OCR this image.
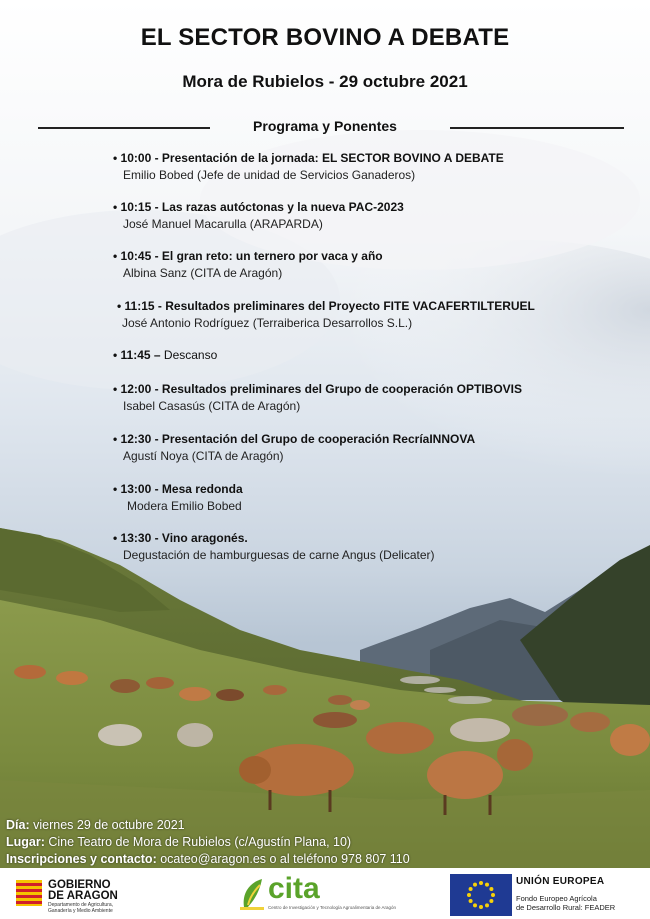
EL SECTOR BOVINO A DEBATE
Mora de Rubielos - 29 octubre 2021
Programa y Ponentes
• 10:00 - Presentación de la jornada: EL SECTOR BOVINO A DEBATE
Emilio Bobed (Jefe de unidad de Servicios Ganaderos)
• 10:15 - Las razas autóctonas y la nueva PAC-2023
José Manuel Macarulla (ARAPARDA)
• 10:45 - El gran reto: un ternero por vaca y año
Albina Sanz (CITA de Aragón)
• 11:15 - Resultados preliminares del Proyecto FITE VACAFERTILTERUEL
José Antonio Rodríguez (Terraiberica Desarrollos S.L.)
• 11:45 – Descanso
• 12:00 - Resultados preliminares del Grupo de cooperación OPTIBOVIS
Isabel Casasús (CITA de Aragón)
• 12:30 - Presentación del Grupo de cooperación RecríaINNOVA
Agustí Noya (CITA de Aragón)
• 13:00 - Mesa redonda
Modera Emilio Bobed
• 13:30 - Vino aragonés.
Degustación de hamburguesas de carne Angus (Delicater)
Día: viernes 29 de octubre 2021
Lugar: Cine Teatro de Mora de Rubielos (c/Agustín Plana, 10)
Inscripciones y contacto: ocateo@aragon.es o al teléfono 978 807 110
GOBIERNO
DE ARAGON
Departamento de Agricultura, Ganadería y Medio Ambiente
cita
Centro de Investigación y Tecnología Agroalimentaria de Aragón
UNIÓN EUROPEA
Fondo Europeo Agrícola
de Desarrollo Rural: FEADER
